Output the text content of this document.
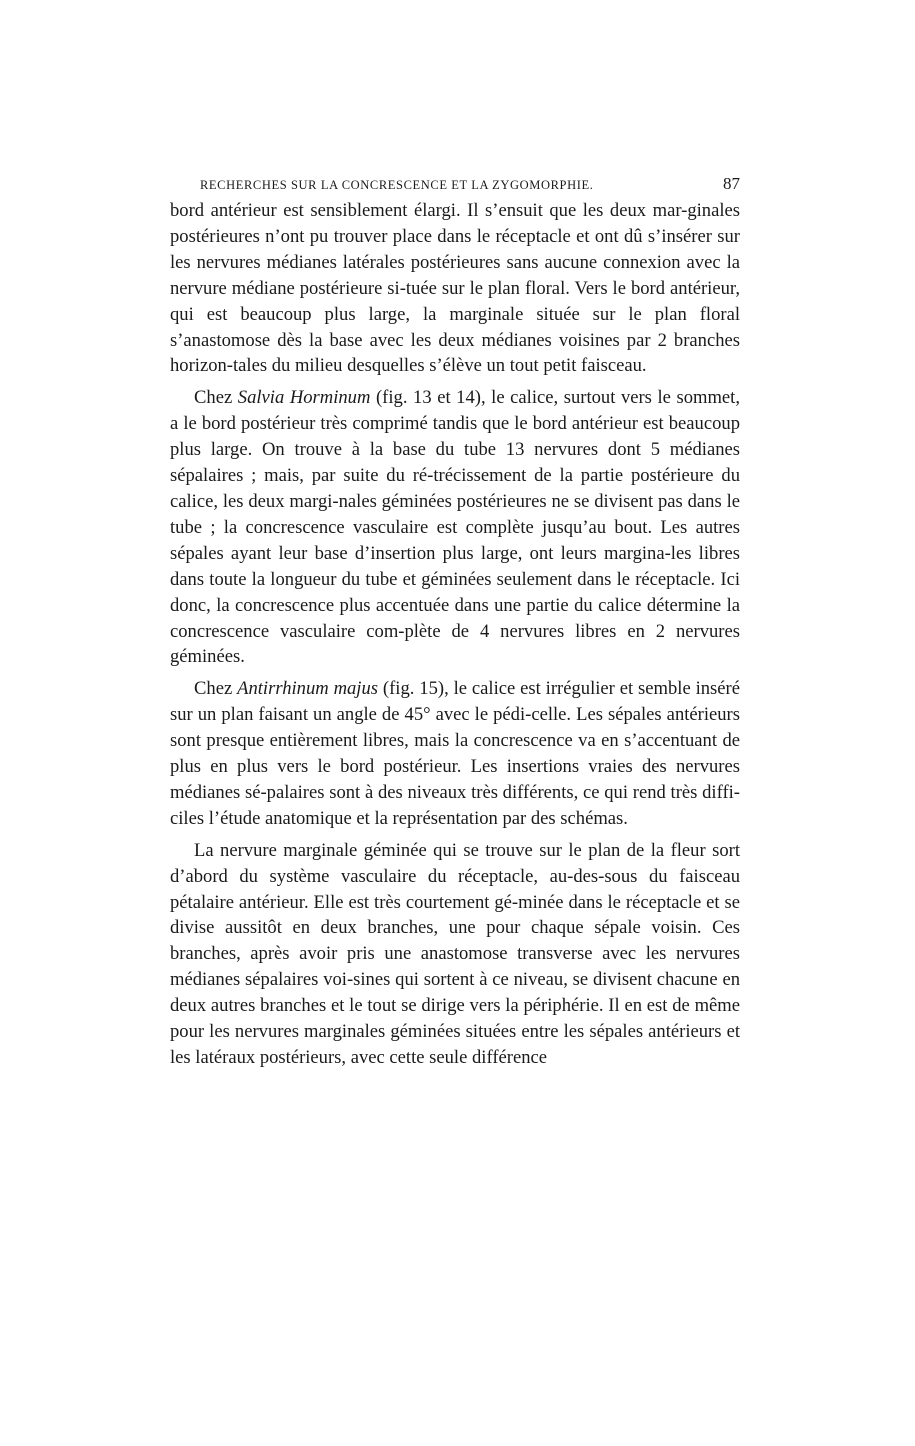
RECHERCHES SUR LA CONCRESCENCE ET LA ZYGOMORPHIE.	87

bord antérieur est sensiblement élargi. Il s’ensuit que les deux mar-ginales postérieures n’ont pu trouver place dans le réceptacle et ont dû s’insérer sur les nervures médianes latérales postérieures sans aucune connexion avec la nervure médiane postérieure si-tuée sur le plan floral. Vers le bord antérieur, qui est beaucoup plus large, la marginale située sur le plan floral s’anastomose dès la base avec les deux médianes voisines par 2 branches horizon-tales du milieu desquelles s’élève un tout petit faisceau.

Chez Salvia Horminum (fig. 13 et 14), le calice, surtout vers le sommet, a le bord postérieur très comprimé tandis que le bord antérieur est beaucoup plus large. On trouve à la base du tube 13 nervures dont 5 médianes sépalaires ; mais, par suite du ré-trécissement de la partie postérieure du calice, les deux margi-nales géminées postérieures ne se divisent pas dans le tube ; la concrescence vasculaire est complète jusqu’au bout. Les autres sépales ayant leur base d’insertion plus large, ont leurs margina-les libres dans toute la longueur du tube et géminées seulement dans le réceptacle. Ici donc, la concrescence plus accentuée dans une partie du calice détermine la concrescence vasculaire com-plète de 4 nervures libres en 2 nervures géminées.

Chez Antirrhinum majus (fig. 15), le calice est irrégulier et semble inséré sur un plan faisant un angle de 45° avec le pédi-celle. Les sépales antérieurs sont presque entièrement libres, mais la concrescence va en s’accentuant de plus en plus vers le bord postérieur. Les insertions vraies des nervures médianes sé-palaires sont à des niveaux très différents, ce qui rend très diffi-ciles l’étude anatomique et la représentation par des schémas.

La nervure marginale géminée qui se trouve sur le plan de la fleur sort d’abord du système vasculaire du réceptacle, au-des-sous du faisceau pétalaire antérieur. Elle est très courtement gé-minée dans le réceptacle et se divise aussitôt en deux branches, une pour chaque sépale voisin. Ces branches, après avoir pris une anastomose transverse avec les nervures médianes sépalaires voi-sines qui sortent à ce niveau, se divisent chacune en deux autres branches et le tout se dirige vers la périphérie. Il en est de même pour les nervures marginales géminées situées entre les sépales antérieurs et les latéraux postérieurs, avec cette seule différence
